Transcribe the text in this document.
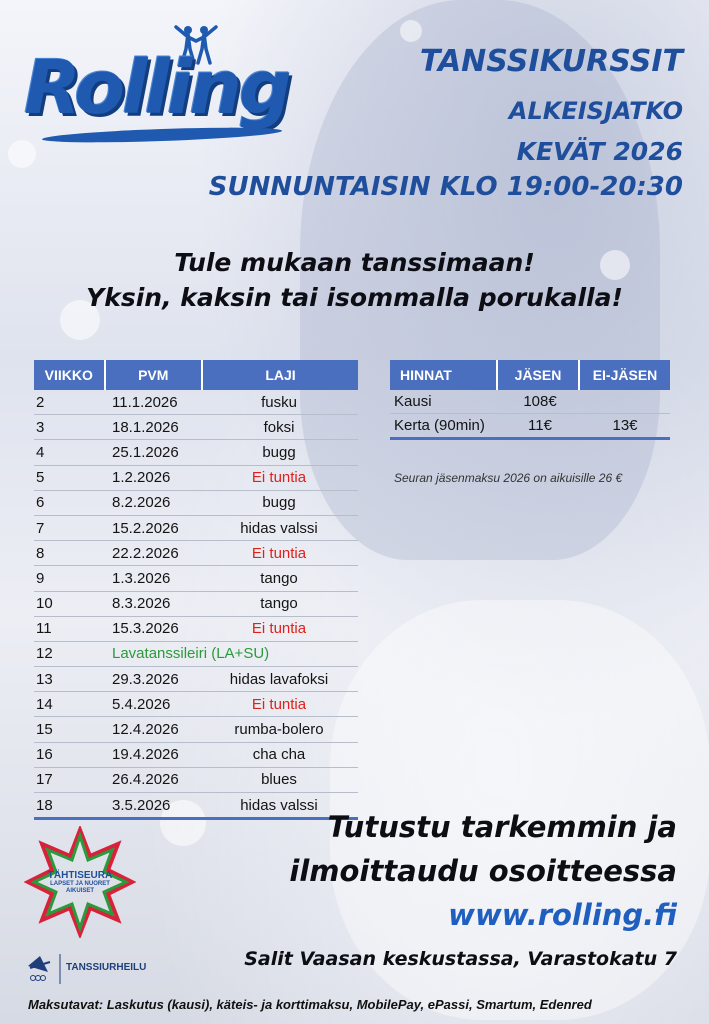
Rolling	TANSSIKURSSIT
ALKEISJATKO
KEVÄT 2026
SUNNUNTAISIN KLO 19:00-20:30
Tule mukaan tanssimaan!
Yksin, kaksin tai isommalla porukalla!
VIIKKO	PVM	LAJI
2	11.1.2026	fusku
3	18.1.2026	foksi
4	25.1.2026	bugg
5	1.2.2026	Ei tuntia
6	8.2.2026	bugg
7	15.2.2026	hidas valssi
8	22.2.2026	Ei tuntia
9	1.3.2026	tango
10	8.3.2026	tango
11	15.3.2026	Ei tuntia
12	Lavatanssileiri (LA+SU)
13	29.3.2026	hidas lavafoksi
14	5.4.2026	Ei tuntia
15	12.4.2026	rumba-bolero
16	19.4.2026	cha cha
17	26.4.2026	blues
18	3.5.2026	hidas valssi
HINNAT	JÄSEN	EI-JÄSEN
Kausi	108€
Kerta (90min)	11€	13€
Seuran jäsenmaksu 2026 on aikuisille 26 €
TÄHTISEURA
LAPSET JA NUORET
AIKUISET
TANSSIURHEILU
Tutustu tarkemmin ja
ilmoittaudu osoitteessa
www.rolling.fi
Salit Vaasan keskustassa, Varastokatu 7
Maksutavat: Laskutus (kausi), käteis- ja korttimaksu, MobilePay, ePassi, Smartum, Edenred
